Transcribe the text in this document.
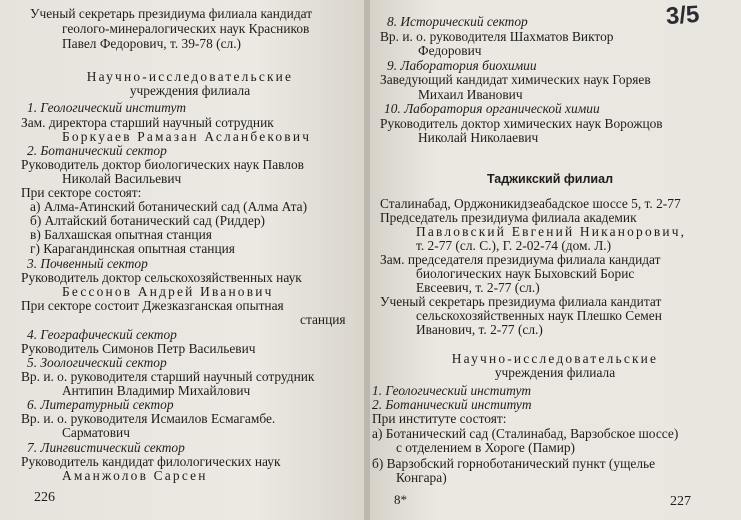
Ученый секретарь президиума филиала кандидат
геолого-минералогических наук Красников
Павел Федорович, т. 39-78 (сл.)
Научно-исследовательские
учреждения филиала
1. Геологический институт
Зам. директора старший научный сотрудник
Боркуаев Рамазан Асланбекович
2. Ботанический сектор
Руководитель доктор биологических наук Павлов
Николай Васильевич
При секторе состоят:
а) Алма-Атинский ботанический сад (Алма Ата)
б) Алтайский ботанический сад (Риддер)
в) Балхашская опытная станция
г) Карагандинская опытная станция
3. Почвенный сектор
Руководитель доктор сельскохозяйственных наук
Бессонов Андрей Иванович
При секторе состоит Джезказганская опытная
станция
4. Географический сектор
Руководитель Симонов Петр Васильевич
5. Зоологический сектор
Вр. и. о. руководителя старший научный сотрудник
Антипин Владимир Михайлович
6. Литературный сектор
Вр. и. о. руководителя Исмаилов Есмагамбе.
Сарматович
7. Лингвистический сектор
Руководитель кандидат филологических наук
Аманжолов Сарсен
226
3/5
8. Исторический сектор
Вр. и. о. руководителя Шахматов Виктор
Федорович
9. Лаборатория биохимии
Заведующий кандидат химических наук Горяев
Михаил Иванович
10. Лаборатория органической химии
Руководитель доктор химических наук Ворожцов
Николай Николаевич
Таджикский филиал
Сталинабад, Орджоникидзеабадское шоссе 5, т. 2-77
Председатель президиума филиала академик
Павловский Евгений Никанорович,
т. 2-77 (сл. С.), Г. 2-02-74 (дом. Л.)
Зам. председателя президиума филиала кандидат
биологических наук Быховский Борис
Евсеевич, т. 2-77 (сл.)
Ученый секретарь президиума филиала кандитат
сельскохозяйственных наук Плешко Семен
Иванович, т. 2-77 (сл.)
Научно-исследовательские
учреждения филиала
1. Геологический институт
2. Ботанический институт
При институте состоят:
а) Ботанический сад (Сталинабад, Варзобское шоссе)
с отделением в Хороге (Памир)
б) Варзобский горноботанический пункт (ущелье
Конгара)
8*	227
